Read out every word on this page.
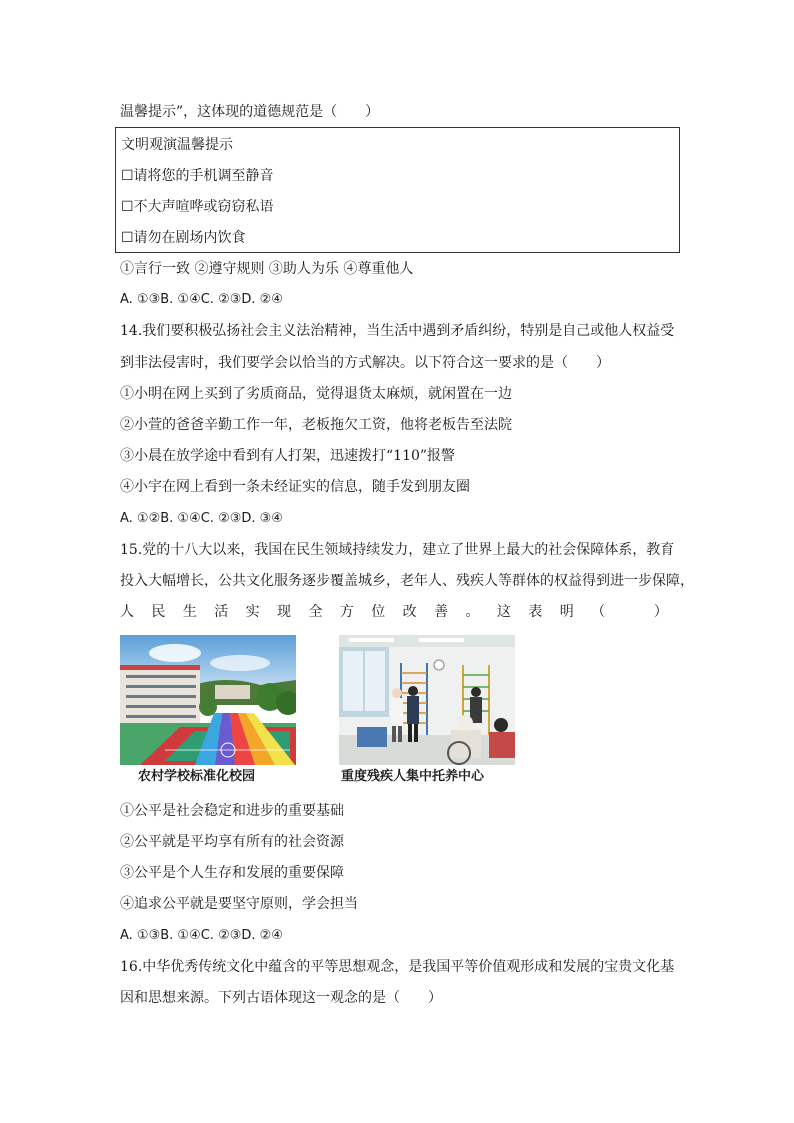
温馨提示”，这体现的道德规范是（　　）
文明观演温馨提示
☐请将您的手机调至静音
☐不大声喧哗或窃窃私语
☐请勿在剧场内饮食
①言行一致 ②遵守规则 ③助人为乐 ④尊重他人
A. ①③B. ①④C. ②③D. ②④
14.我们要积极弘扬社会主义法治精神，当生活中遇到矛盾纠纷，特别是自己或他人权益受
到非法侵害时，我们要学会以恰当的方式解决。以下符合这一要求的是（　　）
①小明在网上买到了劣质商品，觉得退货太麻烦，就闲置在一边
②小萱的爸爸辛勤工作一年，老板拖欠工资，他将老板告至法院
③小晨在放学途中看到有人打架，迅速拨打“110”报警
④小宇在网上看到一条未经证实的信息，随手发到朋友圈
A. ①②B. ①④C. ②③D. ③④
15.党的十八大以来，我国在民生领域持续发力，建立了世界上最大的社会保障体系，教育
投入大幅增长，公共文化服务逐步覆盖城乡，老年人、残疾人等群体的权益得到进一步保障，
人 民 生 活 实 现 全 方 位 改 善 。 这 表 明 （
　	）
农村学校标准化校园	重度残疾人集中托养中心
①公平是社会稳定和进步的重要基础
②公平就是平均享有所有的社会资源
③公平是个人生存和发展的重要保障
④追求公平就是要坚守原则，学会担当
A. ①③B. ①④C. ②③D. ②④
16.中华优秀传统文化中蕴含的平等思想观念，是我国平等价值观形成和发展的宝贵文化基
因和思想来源。下列古语体现这一观念的是（　　）
